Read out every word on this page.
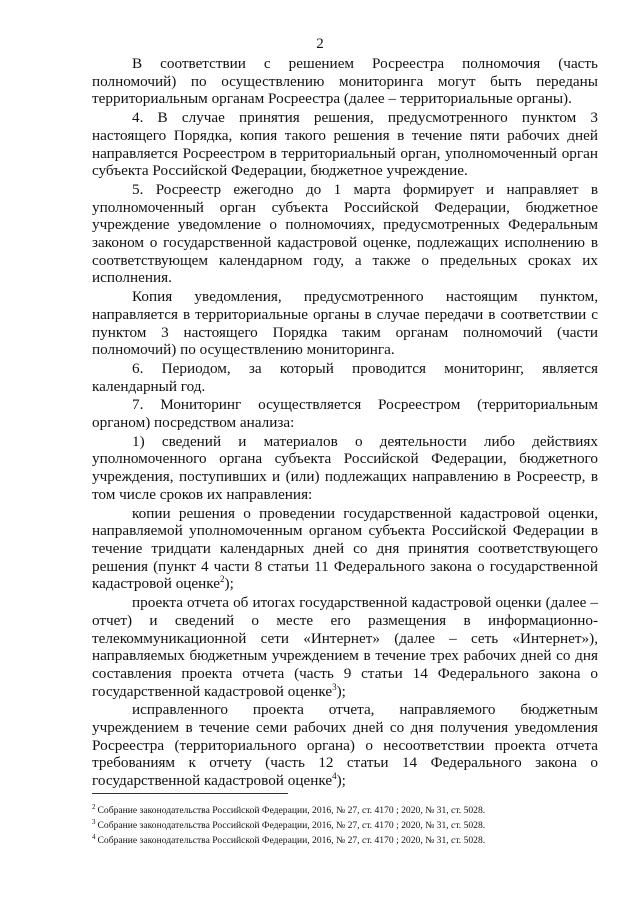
2

В соответствии с решением Росреестра полномочия (часть полномочий) по осуществлению мониторинга могут быть переданы территориальным органам Росреестра (далее – территориальные органы).

4. В случае принятия решения, предусмотренного пунктом 3 настоящего Порядка, копия такого решения в течение пяти рабочих дней направляется Росреестром в территориальный орган, уполномоченный орган субъекта Российской Федерации, бюджетное учреждение.

5. Росреестр ежегодно до 1 марта формирует и направляет в уполномоченный орган субъекта Российской Федерации, бюджетное учреждение уведомление о полномочиях, предусмотренных Федеральным законом о государственной кадастровой оценке, подлежащих исполнению в соответствующем календарном году, а также о предельных сроках их исполнения.

Копия уведомления, предусмотренного настоящим пунктом, направляется в территориальные органы в случае передачи в соответствии с пунктом 3 настоящего Порядка таким органам полномочий (части полномочий) по осуществлению мониторинга.

6. Периодом, за который проводится мониторинг, является календарный год.

7. Мониторинг осуществляется Росреестром (территориальным органом) посредством анализа:

1) сведений и материалов о деятельности либо действиях уполномоченного органа субъекта Российской Федерации, бюджетного учреждения, поступивших и (или) подлежащих направлению в Росреестр, в том числе сроков их направления:

копии решения о проведении государственной кадастровой оценки, направляемой уполномоченным органом субъекта Российской Федерации в течение тридцати календарных дней со дня принятия соответствующего решения (пункт 4 части 8 статьи 11 Федерального закона о государственной кадастровой оценке$^2$);

проекта отчета об итогах государственной кадастровой оценки (далее – отчет) и сведений о месте его размещения в информационно-телекоммуникационной сети «Интернет» (далее – сеть «Интернет»), направляемых бюджетным учреждением в течение трех рабочих дней со дня составления проекта отчета (часть 9 статьи 14 Федерального закона о государственной кадастровой оценке$^3$);

исправленного проекта отчета, направляемого бюджетным учреждением в течение семи рабочих дней со дня получения уведомления Росреестра (территориального органа) о несоответствии проекта отчета требованиям к отчету (часть 12 статьи 14 Федерального закона о государственной кадастровой оценке$^4$);

$^2$ Собрание законодательства Российской Федерации, 2016, № 27, ст. 4170 ; 2020, № 31, ст. 5028.

$^3$ Собрание законодательства Российской Федерации, 2016, № 27, ст. 4170 ; 2020, № 31, ст. 5028.

$^4$ Собрание законодательства Российской Федерации, 2016, № 27, ст. 4170 ; 2020, № 31, ст. 5028.
